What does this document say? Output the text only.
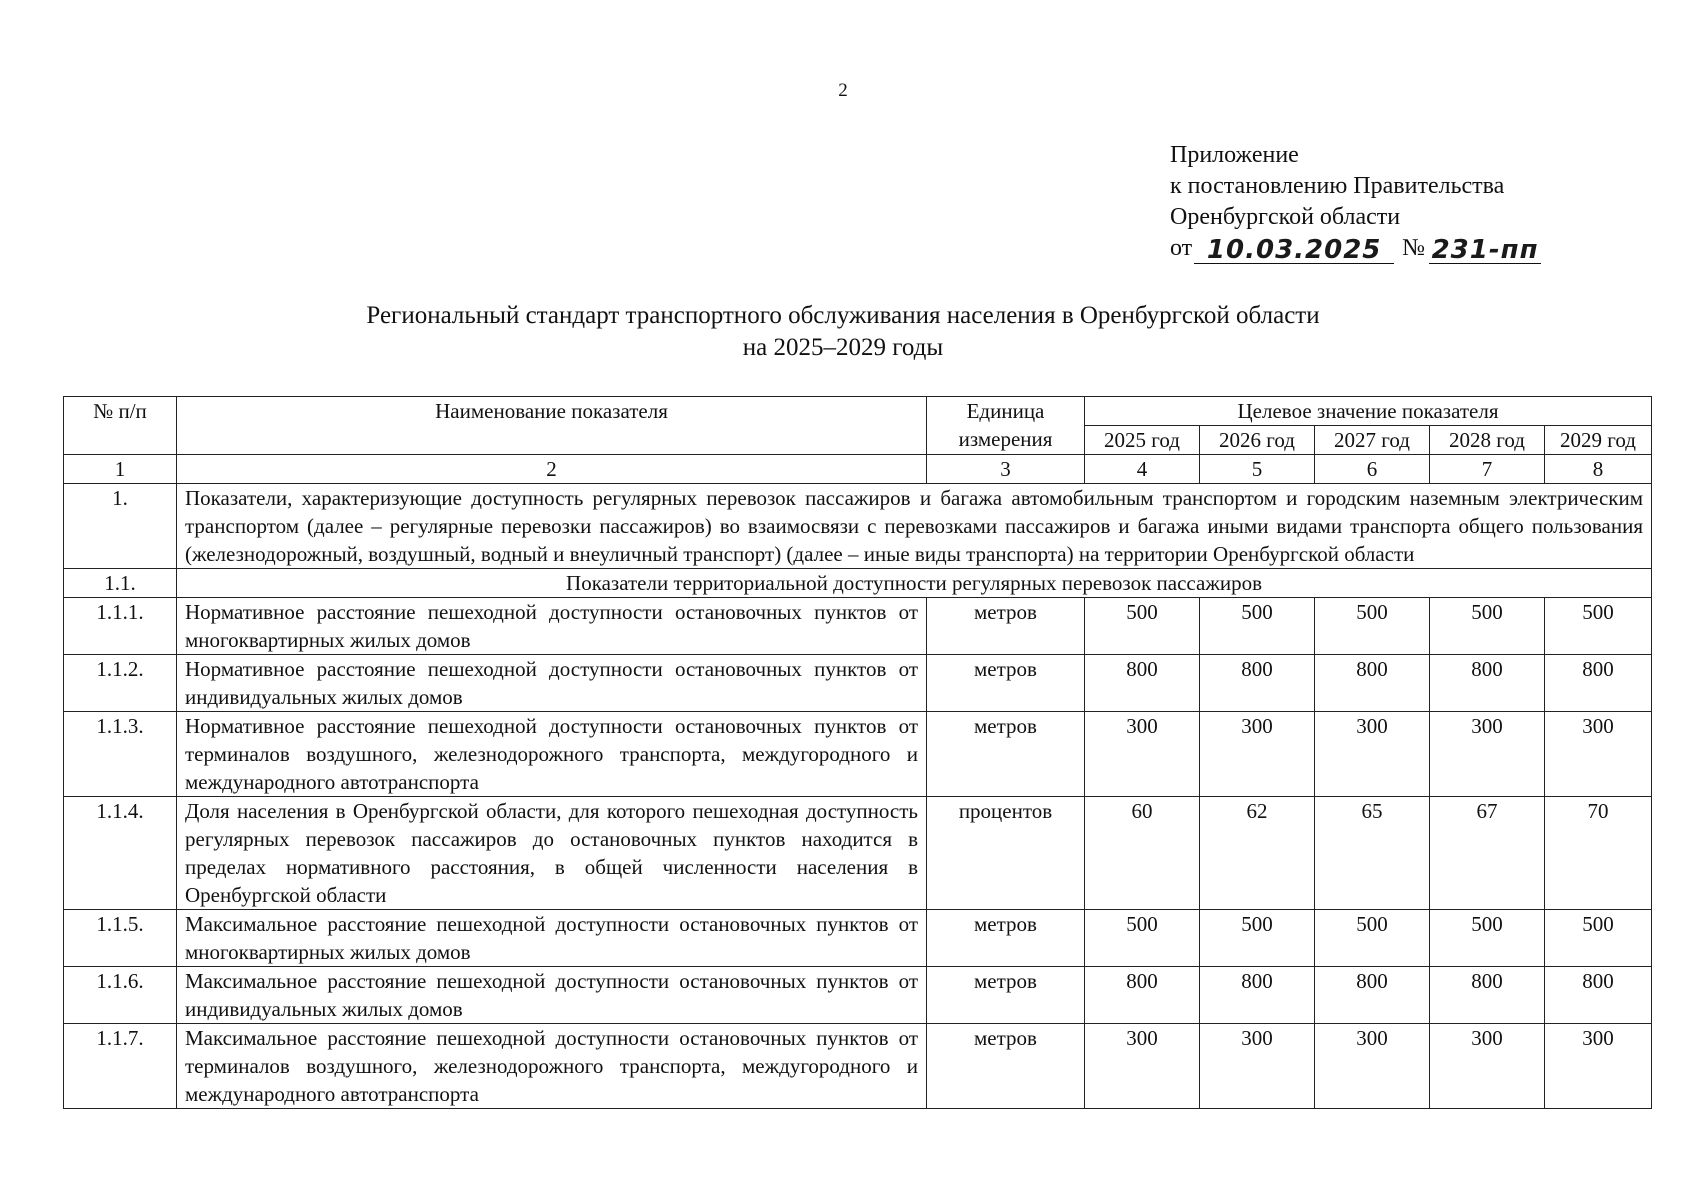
2
Приложение
к постановлению Правительства
Оренбургской области
от 10.03.2025 № 231-пп
Региональный стандарт транспортного обслуживания населения в Оренбургской области
на 2025–2029 годы
№ п/п	Наименование показателя	Единица измерения	Целевое значение показателя				
			2025 год	2026 год	2027 год	2028 год	2029 год
1	2	3	4	5	6	7	8
1.	Показатели, характеризующие доступность регулярных перевозок пассажиров и багажа автомобильным транспортом и городским наземным электрическим транспортом (далее – регулярные перевозки пассажиров) во взаимосвязи с перевозками пассажиров и багажа иными видами транспорта общего пользования (железнодорожный, воздушный, водный и внеуличный транспорт) (далее – иные виды транспорта) на территории Оренбургской области						
1.1.	Показатели территориальной доступности регулярных перевозок пассажиров						
1.1.1.	Нормативное расстояние пешеходной доступности остановочных пунктов от многоквартирных жилых домов	метров	500	500	500	500	500
1.1.2.	Нормативное расстояние пешеходной доступности остановочных пунктов от индивидуальных жилых домов	метров	800	800	800	800	800
1.1.3.	Нормативное расстояние пешеходной доступности остановочных пунктов от терминалов воздушного, железнодорожного транспорта, междугородного и международного автотранспорта	метров	300	300	300	300	300
1.1.4.	Доля населения в Оренбургской области, для которого пешеходная доступность регулярных перевозок пассажиров до остановочных пунктов находится в пределах нормативного расстояния, в общей численности населения в Оренбургской области	процентов	60	62	65	67	70
1.1.5.	Максимальное расстояние пешеходной доступности остановочных пунктов от многоквартирных жилых домов	метров	500	500	500	500	500
1.1.6.	Максимальное расстояние пешеходной доступности остановочных пунктов от индивидуальных жилых домов	метров	800	800	800	800	800
1.1.7.	Максимальное расстояние пешеходной доступности остановочных пунктов от терминалов воздушного, железнодорожного транспорта, междугородного и международного автотранспорта	метров	300	300	300	300	300
